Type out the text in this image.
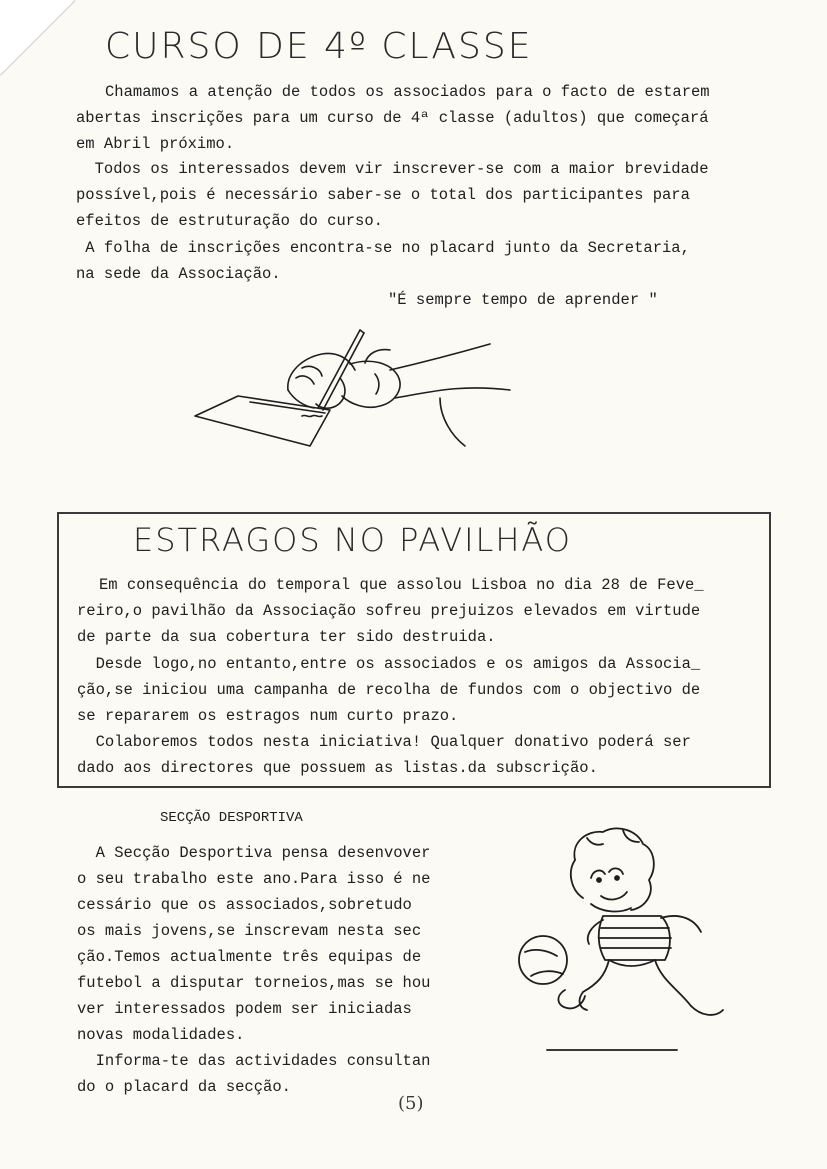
CURSO DE 4º CLASSE

Chamamos a atenção de todos os associados para o facto de estarem

abertas inscrições para um curso de 4ª classe (adultos) que começará

em Abril próximo.

Todos os interessados devem vir inscrever-se com a maior brevidade

possível,pois é necessário saber-se o total dos participantes para

efeitos de estruturação do curso.

A folha de inscrições encontra-se no placard junto da Secretaria,

na sede da Associação.

"É sempre tempo de aprender "

ESTRAGOS NO PAVILHÃO

Em consequência do temporal que assolou Lisboa no dia 28 de Feve_

reiro,o pavilhão da Associação sofreu prejuizos elevados em virtude

de parte da sua cobertura ter sido destruida.

Desde logo,no entanto,entre os associados e os amigos da Associa_

ção,se iniciou uma campanha de recolha de fundos com o objectivo de

se repararem os estragos num curto prazo.

Colaboremos todos nesta iniciativa! Qualquer donativo poderá ser

dado aos directores que possuem as listas.da subscrição.

SECÇÃO DESPORTIVA

A Secção Desportiva pensa desenvover

o seu trabalho este ano.Para isso é ne

cessário que os associados,sobretudo

os mais jovens,se inscrevam nesta sec

ção.Temos actualmente três equipas de

futebol a disputar torneios,mas se hou

ver interessados podem ser iniciadas

novas modalidades.

Informa-te das actividades consultan

do o placard da secção.

(5)
